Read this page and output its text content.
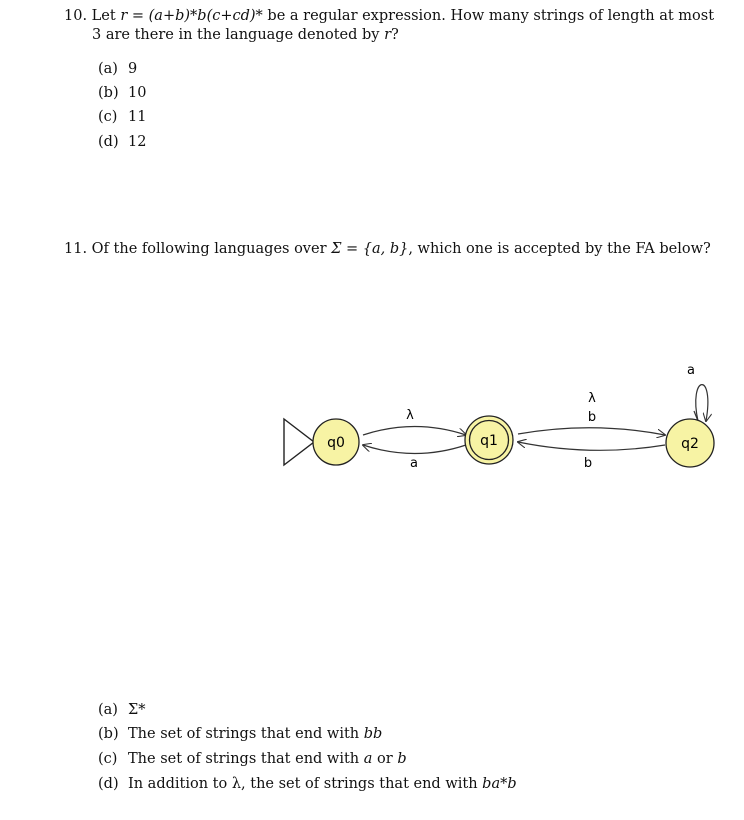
10. Let r = (a+b)*b(c+cd)* be a regular expression. How many strings of length at most
3 are there in the language denoted by r?
(a) 9
(b) 10
(c) 11
(d) 12
11. Of the following languages over Σ = {a, b}, which one is accepted by the FA below?
λ
a
λ
b
b
a
q0	q1	q2
(a) Σ*
(b) The set of strings that end with bb
(c) The set of strings that end with a or b
(d) In addition to λ, the set of strings that end with ba*b
